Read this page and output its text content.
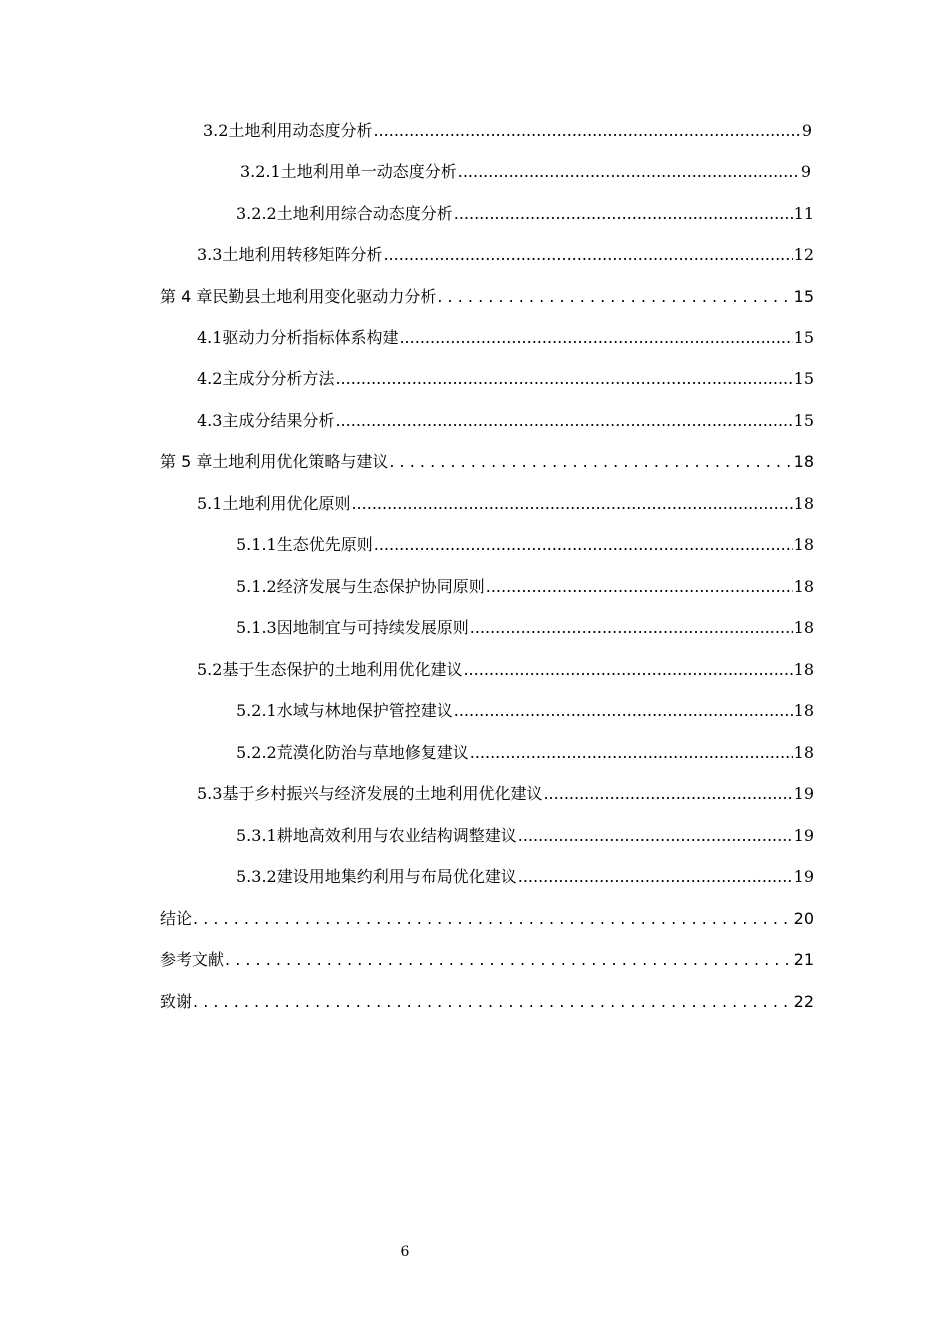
3.2 土地利用动态度分析 .....	9
3.2.1 土地利用单一动态度分析 .....	9
3.2.2 土地利用综合动态度分析 .....	11
3.3 土地利用转移矩阵分析 .....	12
第 4 章 民勤县土地利用变化驱动力分析 . . .	15
4.1 驱动力分析指标体系构建 .....	15
4.2 主成分分析方法 .....	15
4.3 主成分结果分析 .....	15
第 5 章 土地利用优化策略与建议 . . .	18
5.1 土地利用优化原则 .....	18
5.1.1 生态优先原则 .....	18
5.1.2 经济发展与生态保护协同原则 .....	18
5.1.3 因地制宜与可持续发展原则 .....	18
5.2 基于生态保护的土地利用优化建议 .....	18
5.2.1 水域与林地保护管控建议 .....	18
5.2.2 荒漠化防治与草地修复建议 .....	18
5.3 基于乡村振兴与经济发展的土地利用优化建议 .....	19
5.3.1 耕地高效利用与农业结构调整建议 .....	19
5.3.2 建设用地集约利用与布局优化建议 .....	19
结论 . . .	20
参考文献 . . .	21
致谢 . . .	22
6
